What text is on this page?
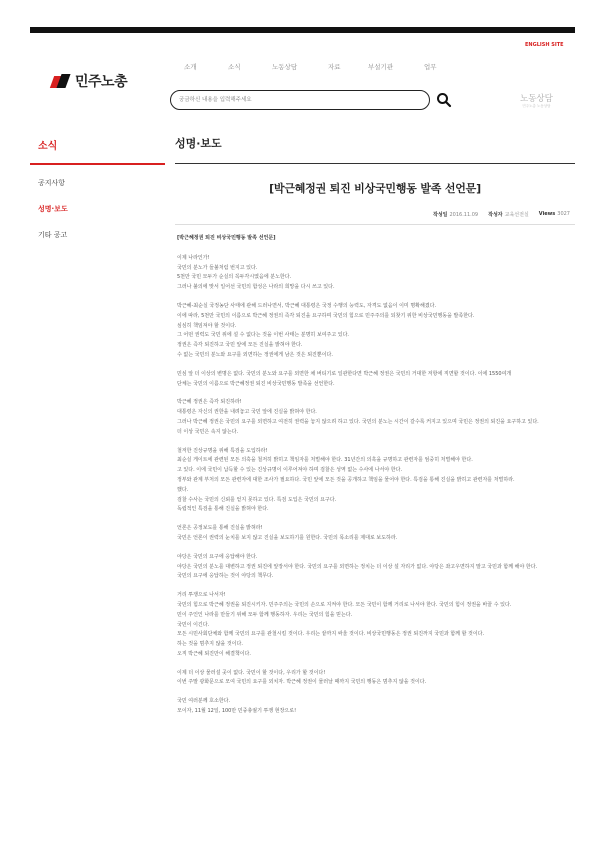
ENGLISH SITE
민주노총
소개	소식	노동상담	자료	부설기관	업무
궁금하신 내용을 입력해주세요
노동상담
민주노총 노동상담
소식
공지사항
성명·보도
기타 공고
성명·보도
[박근혜정권 퇴진 비상국민행동 발족 선언문]
작성일 2016.11.09 작성자 교육선전실 Views 3027
[박근혜정권 퇴진 비상국민행동 발족 선언문]
이제 나라인가!
국민의 분노가 들불처럼 번지고 있다.
5천만 국민 모두가 순실의 꼭두각시였음에 분노한다.
그러나 불의에 맞서 일어선 국민의 함성은 나라의 희망을 다시 쓰고 있다.
박근혜-최순실 국정농단 사태에 관해 드러나면서, 박근혜 대통령은 국정 수행의 능력도, 자격도 없음이 이미 명확해졌다.
이에 따라, 5천만 국민의 이름으로 박근혜 정권의 즉각 퇴진을 요구하며 국민의 힘으로 민주주의를 되찾기 위한 비상국민행동을 발족한다.
심심히 책임져야 할 것이다.
그 어떤 권력도 국민 위에 설 수 없다는 것을 이번 사태는 분명히 보여주고 있다.
정권은 즉각 퇴진하고 국민 앞에 모든 진실을 밝혀야 한다.
수 없는 국민의 분노와 요구를 외면하는 정권에게 남은 것은 퇴진뿐이다.
민심 앞 더 이상의 변명은 없다. 국민의 분노와 요구를 외면한 채 버티기로 일관한다면 박근혜 정권은 국민의 거대한 저항에 직면할 것이다. 이에 1550여개
단체는 국민의 이름으로 박근혜정권 퇴진 비상국민행동 발족을 선언한다.
박근혜 정권은 즉각 퇴진하라!
대통령은 자신의 권한을 내려놓고 국민 앞에 진실을 밝혀야 한다.
그러나 박근혜 정권은 국민의 요구를 외면하고 여전히 권력을 놓지 않으려 하고 있다. 국민의 분노는 시간이 갈수록 커지고 있으며 국민은 정권의 퇴진을 요구하고 있다.
더 이상 국민은 속지 않는다.
철저한 진상규명을 위해 특검을 도입하라!
최순실 게이트에 관련된 모든 의혹을 철저히 밝히고 책임자를 처벌해야 한다. 31년간의 의혹을 규명하고 관련자를 엄중히 처벌해야 한다.
고 있다. 이에 국민이 납득할 수 있는 진상규명이 이루어져야 하며 검찰은 성역 없는 수사에 나서야 한다.
정부와 관계 부처의 모든 관련자에 대한 조사가 필요하다. 국민 앞에 모든 것을 공개하고 책임을 물어야 한다. 특검을 통해 진실을 밝히고 관련자를 처벌하라.
했다.
검찰 수사는 국민의 신뢰를 얻지 못하고 있다. 특검 도입은 국민의 요구다.
독립적인 특검을 통해 진실을 밝혀야 한다.
언론은 공정보도를 통해 진실을 밝혀라!
국민은 언론이 권력의 눈치를 보지 않고 진실을 보도하기를 원한다. 국민의 목소리를 제대로 보도하라.
야당은 국민의 요구에 응답해야 한다.
야당은 국민의 분노를 대변하고 정권 퇴진에 앞장서야 한다. 국민의 요구를 외면하는 정치는 더 이상 설 자리가 없다. 야당은 좌고우면하지 말고 국민과 함께 해야 한다.
국민의 요구에 응답하는 것이 야당의 책무다.
거리 투쟁으로 나서자!
국민의 힘으로 박근혜 정권을 퇴진시키자. 민주주의는 국민의 손으로 지켜야 한다. 모든 국민이 함께 거리로 나서야 한다. 국민의 힘이 정권을 바꿀 수 있다.
민이 주인인 나라를 만들기 위해 모두 함께 행동하자. 우리는 국민의 힘을 믿는다.
국민이 이긴다.
모든 시민사회단체와 함께 국민의 요구를 관철시킬 것이다. 우리는 끝까지 싸울 것이다. 비상국민행동은 정권 퇴진까지 국민과 함께 할 것이다.
하는 것을 멈추지 않을 것이다.
오직 박근혜 퇴진만이 해결책이다.
이제 더 이상 물러설 곳이 없다. 국민이 할 것이다, 우리가 할 것이다!
이번 주말 광화문으로 모여 국민의 요구를 외치자. 박근혜 정권이 물러날 때까지 국민의 행동은 멈추지 않을 것이다.
국민 여러분께 호소한다.
모이자, 11월 12일, 100만 민중총궐기 투쟁 현장으로!
